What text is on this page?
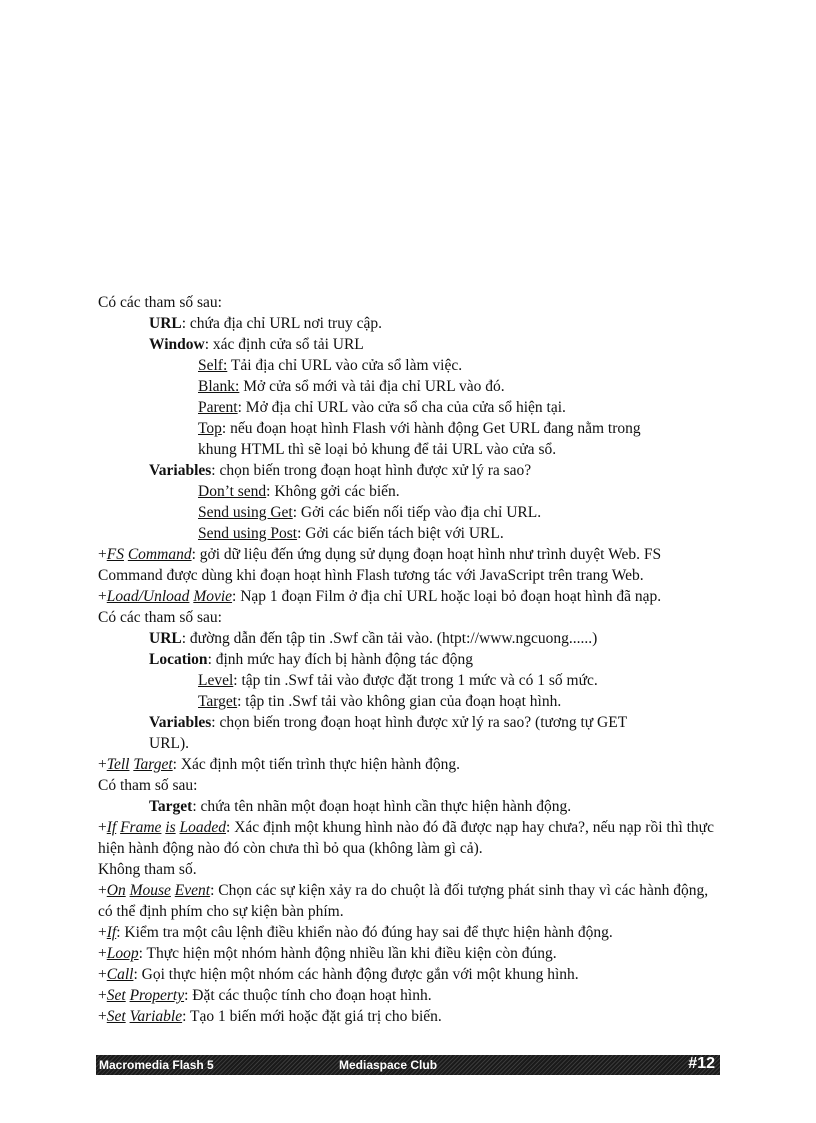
Có các tham số sau:
URL: chứa địa chỉ URL nơi truy cập.
Window: xác định cửa sổ tải URL
Self: Tải địa chỉ URL vào cửa sổ làm việc.
Blank: Mở cửa sổ mới và tải địa chỉ URL vào đó.
Parent: Mở địa chỉ URL vào cửa sổ cha của cửa sổ hiện tại.
Top: nếu đoạn hoạt hình Flash với hành động Get URL đang nằm trong
khung HTML thì sẽ loại bỏ khung để tải URL vào cửa sổ.
Variables: chọn biến trong đoạn hoạt hình được xử lý ra sao?
Don’t send: Không gởi các biến.
Send using Get: Gởi các biến nối tiếp vào địa chỉ URL.
Send using Post: Gởi các biến tách biệt với URL.
+FS Command: gởi dữ liệu đến ứng dụng sử dụng đoạn hoạt hình như trình duyệt Web. FS Command được dùng khi đoạn hoạt hình Flash tương tác với JavaScript trên trang Web.
+Load/Unload Movie: Nạp 1 đoạn Film ở địa chỉ URL hoặc loại bỏ đoạn hoạt hình đã nạp.
Có các tham số sau:
URL: đường dẫn đến tập tin .Swf cần tải vào. (htpt://www.ngcuong......)
Location: định mức hay đích bị hành động tác động
Level: tập tin .Swf tải vào được đặt trong 1 mức và có 1 số mức.
Target: tập tin .Swf tải vào không gian của đoạn hoạt hình.
Variables: chọn biến trong đoạn hoạt hình được xử lý ra sao? (tương tự GET
URL).
+Tell Target: Xác định một tiến trình thực hiện hành động.
Có tham số sau:
Target: chứa tên nhãn một đoạn hoạt hình cần thực hiện hành động.
+If Frame is Loaded: Xác định một khung hình nào đó đã được nạp hay chưa?, nếu nạp rồi thì thực hiện hành động nào đó còn chưa thì bỏ qua (không làm gì cả).
Không tham số.
+On Mouse Event: Chọn các sự kiện xảy ra do chuột là đối tượng phát sinh thay vì các hành động, có thể định phím cho sự kiện bàn phím.
+If: Kiểm tra một câu lệnh điều khiển nào đó đúng hay sai để thực hiện hành động.
+Loop: Thực hiện một nhóm hành động nhiều lần khi điều kiện còn đúng.
+Call: Gọi thực hiện một nhóm các hành động được gắn với một khung hình.
+Set Property: Đặt các thuộc tính cho đoạn hoạt hình.
+Set Variable: Tạo 1 biến mới hoặc đặt giá trị cho biến.
Macromedia Flash 5	Mediaspace Club	#12
